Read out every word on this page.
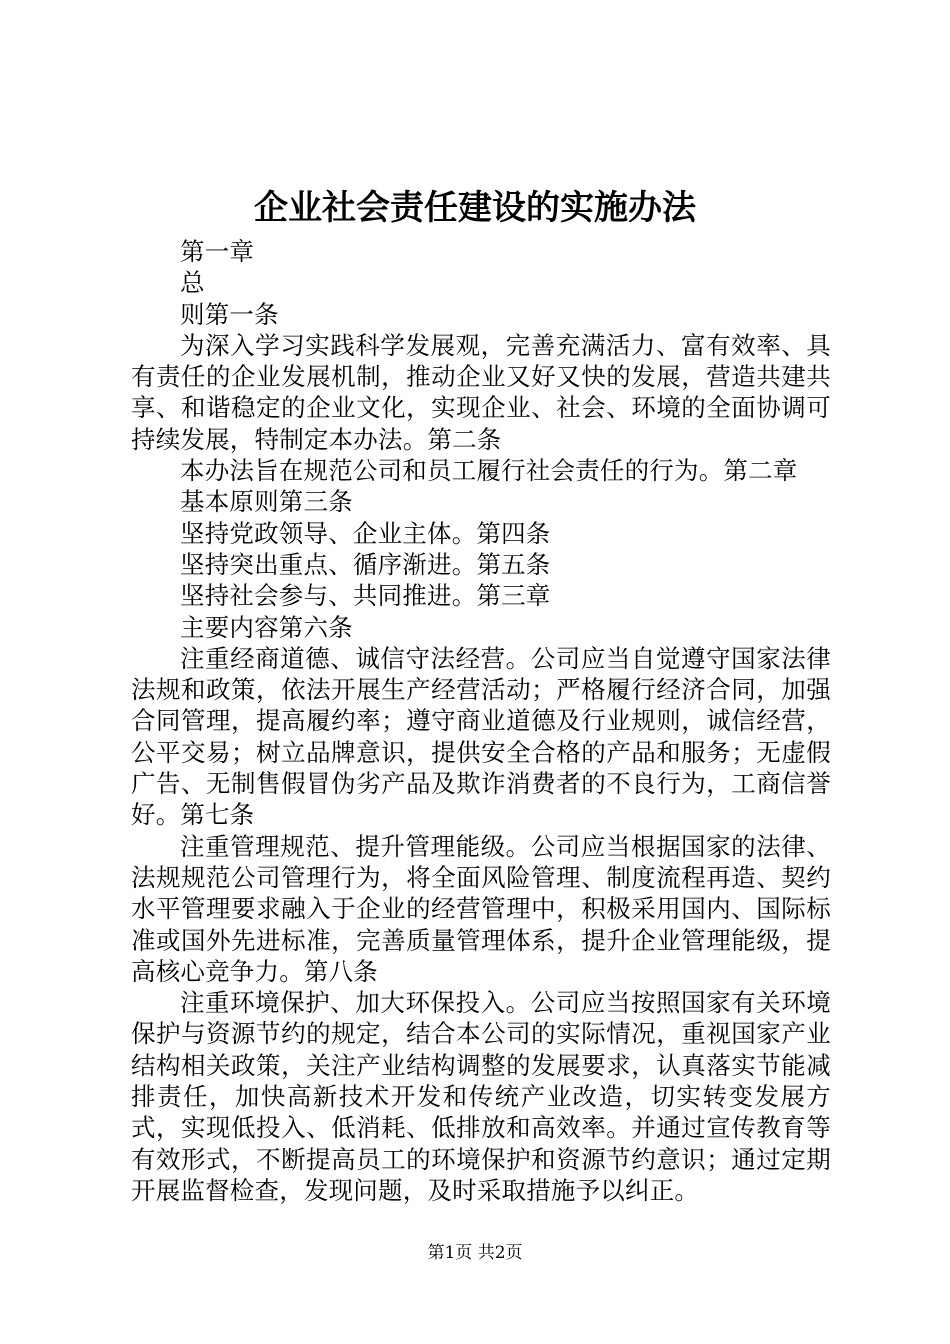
企业社会责任建设的实施办法

第一章

总

则第一条

为深入学习实践科学发展观，完善充满活力、富有效率、具有责任的企业发展机制，推动企业又好又快的发展，营造共建共享、和谐稳定的企业文化，实现企业、社会、环境的全面协调可持续发展，特制定本办法。第二条

本办法旨在规范公司和员工履行社会责任的行为。第二章

基本原则第三条

坚持党政领导、企业主体。第四条

坚持突出重点、循序渐进。第五条

坚持社会参与、共同推进。第三章

主要内容第六条

注重经商道德、诚信守法经营。公司应当自觉遵守国家法律法规和政策，依法开展生产经营活动；严格履行经济合同，加强合同管理，提高履约率；遵守商业道德及行业规则，诚信经营，公平交易；树立品牌意识，提供安全合格的产品和服务；无虚假广告、无制售假冒伪劣产品及欺诈消费者的不良行为，工商信誉好。第七条

注重管理规范、提升管理能级。公司应当根据国家的法律、法规规范公司管理行为，将全面风险管理、制度流程再造、契约水平管理要求融入于企业的经营管理中，积极采用国内、国际标准或国外先进标准，完善质量管理体系，提升企业管理能级，提高核心竞争力。第八条

注重环境保护、加大环保投入。公司应当按照国家有关环境保护与资源节约的规定，结合本公司的实际情况，重视国家产业结构相关政策，关注产业结构调整的发展要求，认真落实节能减排责任，加快高新技术开发和传统产业改造，切实转变发展方式，实现低投入、低消耗、低排放和高效率。并通过宣传教育等有效形式，不断提高员工的环境保护和资源节约意识；通过定期开展监督检查，发现问题，及时采取措施予以纠正。

第1页 共2页
